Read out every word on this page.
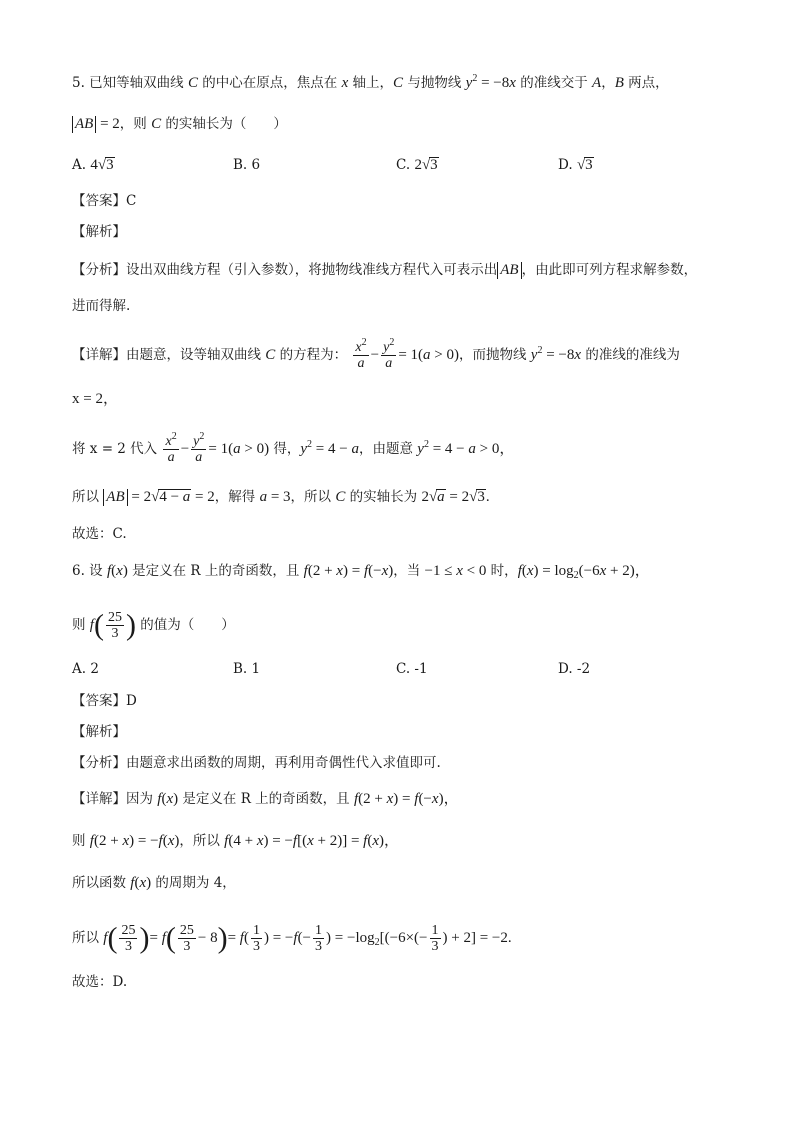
5. 已知等轴双曲线 C 的中心在原点，焦点在 x 轴上，C 与抛物线 $y^2 = -8x$ 的准线交于 A，B 两点，
AB = 2，则 C 的实轴长为（　　）
A. 4√3	B. 6	C. 2√3	D. √3
【答案】C
【解析】
【分析】设出双曲线方程（引入参数），将抛物线准线方程代入可表示出 AB ，由此即可列方程求解参数，
进而得解.
【详解】由题意，设等轴双曲线 C 的方程为： $\frac{x^2}{a} - \frac{y^2}{a} = 1(a > 0)$，而抛物线 $y^2 = -8x$ 的准线的准线为
x = 2，
将 x = 2 代入 $\frac{x^2}{a} - \frac{y^2}{a} = 1(a > 0)$ 得，$y^2 = 4 - a$，由题意 $y^2 = 4 - a > 0$，
所以 AB = 2√4 − a = 2，解得 a = 3，所以 C 的实轴长为 2√a = 2√3.
故选：C.
6. 设 f(x) 是定义在 R 上的奇函数，且 f(2 + x) = f(−x)，当 −1 ≤ x < 0 时，$f(x) = \log_2(-6x + 2)$，
则 $f( \frac{25}{3}$ ) 的值为（　　）
A. 2	B. 1	C. -1	D. -2
【答案】D
【解析】
【分析】由题意求出函数的周期，再利用奇偶性代入求值即可.
【详解】因为 f(x) 是定义在 R 上的奇函数，且 f(2 + x) = f(−x)，
则 f(2 + x) = −f(x)，所以 f(4 + x) = −f[(x + 2)] = f(x)，
所以函数 f(x) 的周期为 4，
所以 $f( \frac{25}{3}$ )= $f( \frac{25}{3} - 8)= f( \frac{1}{3}$ ) = $-f(- \frac{1}{3}$ ) = $-\log_2[(-6\times(- \frac{1}{3}$ ) + 2] = −2.
故选：D.
